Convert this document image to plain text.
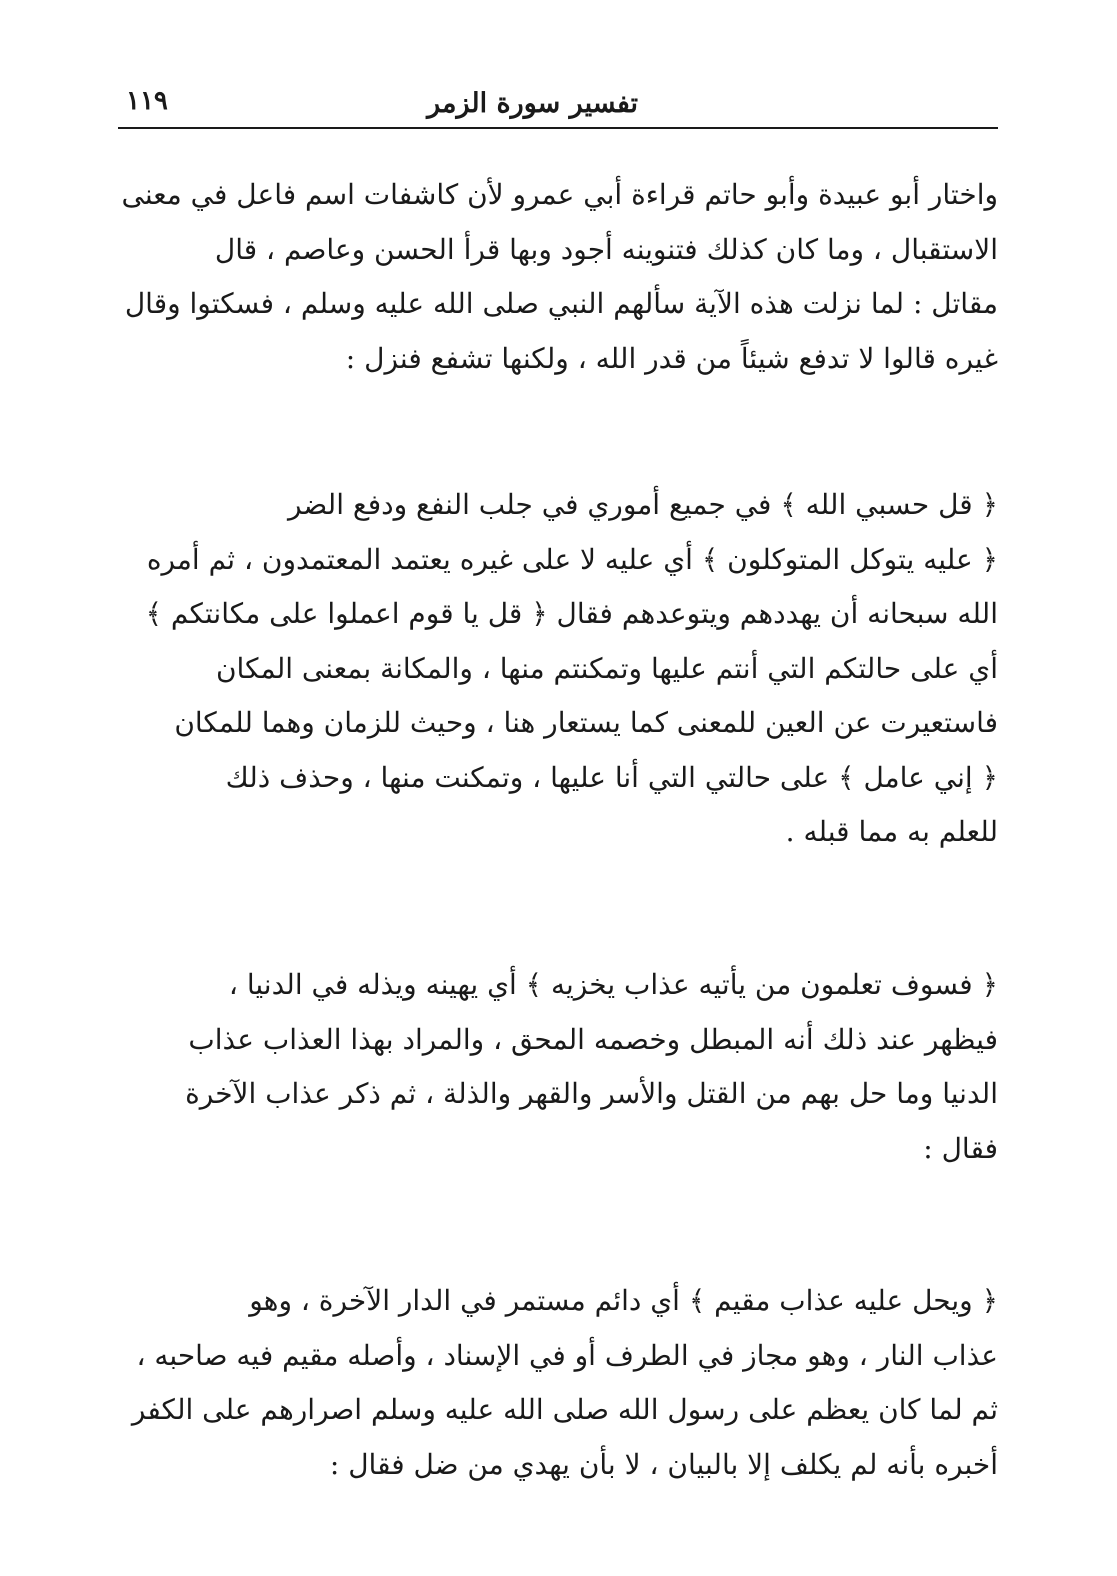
تفسير سورة الزمر
١١٩
واختار أبو عبيدة وأبو حاتم قراءة أبي عمرو لأن كاشفات اسم فاعل في معنى
الاستقبال ، وما كان كذلك فتنوينه أجود وبها قرأ الحسن وعاصم ، قال
مقاتل : لما نزلت هذه الآية سألهم النبي صلى الله عليه وسلم ، فسكتوا وقال
غيره قالوا لا تدفع شيئاً من قدر الله ، ولكنها تشفع فنزل :
﴿ قل حسبي الله ﴾ في جميع أموري في جلب النفع ودفع الضر
﴿ عليه يتوكل المتوكلون ﴾ أي عليه لا على غيره يعتمد المعتمدون ، ثم أمره
الله سبحانه أن يهددهم ويتوعدهم فقال ﴿ قل يا قوم اعملوا على مكانتكم ﴾
أي على حالتكم التي أنتم عليها وتمكنتم منها ، والمكانة بمعنى المكان
فاستعيرت عن العين للمعنى كما يستعار هنا ، وحيث للزمان وهما للمكان
﴿ إني عامل ﴾ على حالتي التي أنا عليها ، وتمكنت منها ، وحذف ذلك
للعلم به مما قبله .
﴿ فسوف تعلمون من يأتيه عذاب يخزيه ﴾ أي يهينه ويذله في الدنيا ،
فيظهر عند ذلك أنه المبطل وخصمه المحق ، والمراد بهذا العذاب عذاب
الدنيا وما حل بهم من القتل والأسر والقهر والذلة ، ثم ذكر عذاب الآخرة
فقال :
﴿ ويحل عليه عذاب مقيم ﴾ أي دائم مستمر في الدار الآخرة ، وهو
عذاب النار ، وهو مجاز في الطرف أو في الإسناد ، وأصله مقيم فيه صاحبه ،
ثم لما كان يعظم على رسول الله صلى الله عليه وسلم اصرارهم على الكفر
أخبره بأنه لم يكلف إلا بالبيان ، لا بأن يهدي من ضل فقال :
